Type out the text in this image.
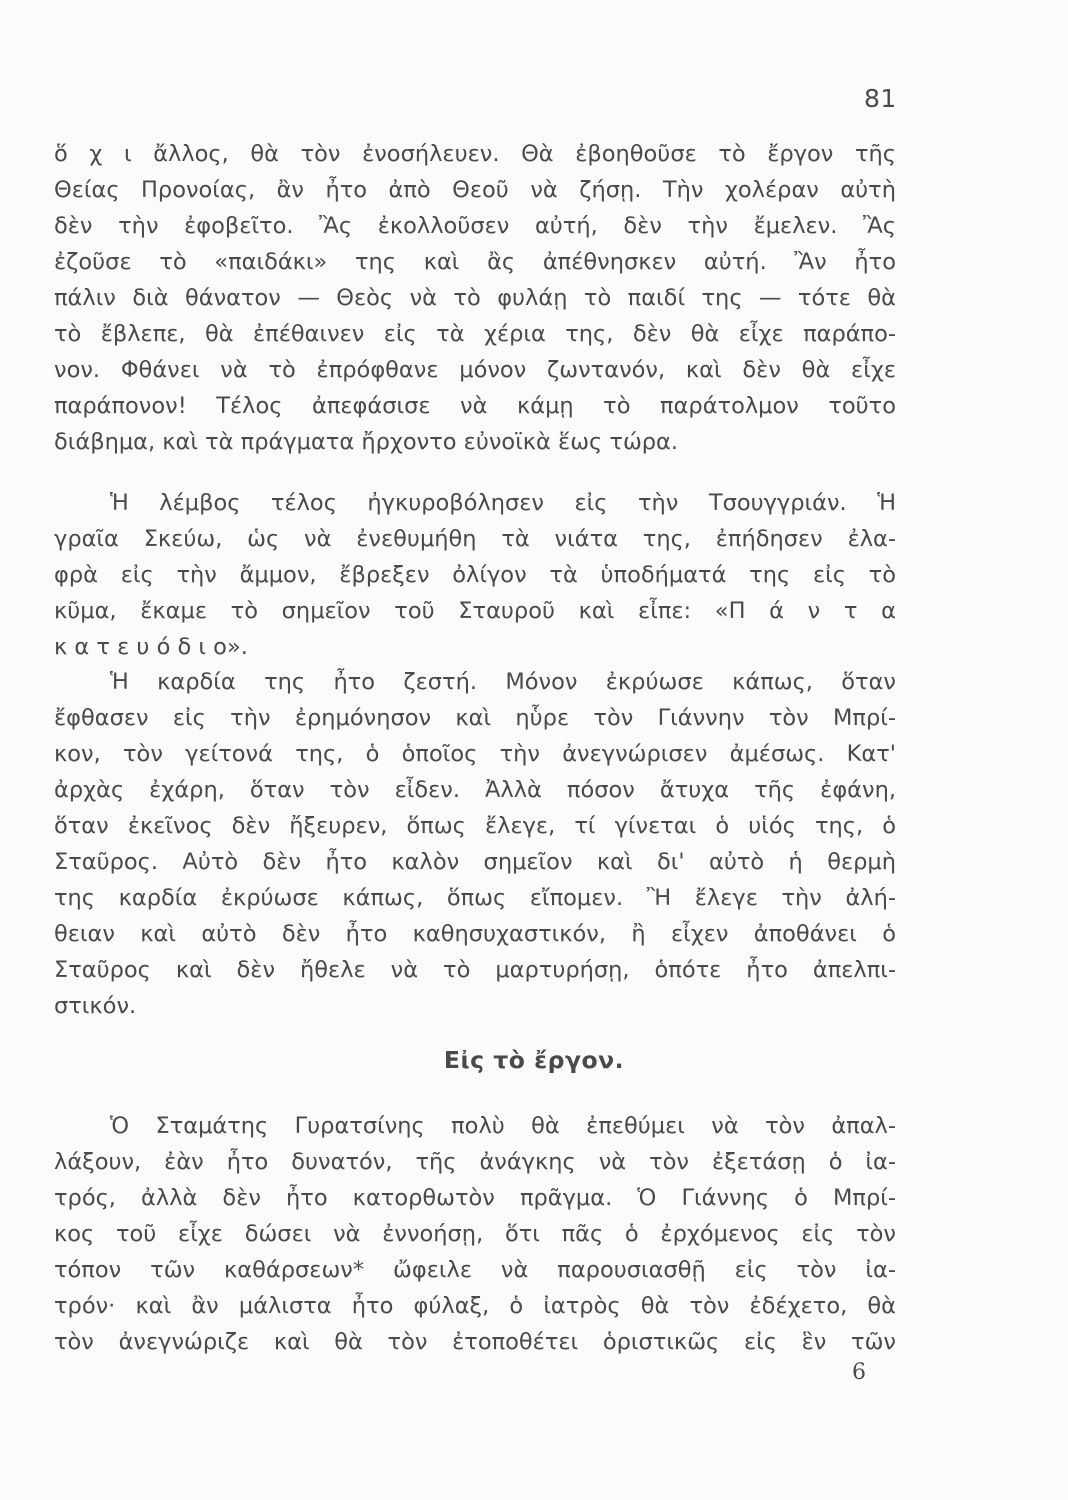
81
ὅ χ ι ἄλλος, θὰ τὸν ἐνοσήλευεν. Θὰ ἐβοηθοῦσε τὸ ἔργον τῆς
Θείας Προνοίας, ἂν ἦτο ἀπὸ Θεοῦ νὰ ζήσῃ. Τὴν χολέραν αὐτὴ
δὲν τὴν ἐφοβεῖτο. Ἂς ἐκολλοῦσεν αὐτή, δὲν τὴν ἔμελεν. Ἂς
ἐζοῦσε τὸ «παιδάκι» της καὶ ἂς ἀπέθνησκεν αὐτή. Ἂν ἦτο
πάλιν διὰ θάνατον — Θεὸς νὰ τὸ φυλάῃ τὸ παιδί της — τότε θὰ
τὸ ἔβλεπε, θὰ ἐπέθαινεν εἰς τὰ χέρια της, δὲν θὰ εἶχε παράπο-
νον. Φθάνει νὰ τὸ ἐπρόφθανε μόνον ζωντανόν, καὶ δὲν θὰ εἶχε
παράπονον! Τέλος ἀπεφάσισε νὰ κάμῃ τὸ παράτολμον τοῦτο
διάβημα, καὶ τὰ πράγματα ἤρχοντο εὐνοϊκὰ ἕως τώρα.
Ἡ λέμβος τέλος ἠγκυροβόλησεν εἰς τὴν Τσουγγριάν. Ἡ
γραῖα Σκεύω, ὡς νὰ ἐνεθυμήθη τὰ νιάτα της, ἐπήδησεν ἐλα-
φρὰ εἰς τὴν ἄμμον, ἔβρεξεν ὀλίγον τὰ ὑποδήματά της εἰς τὸ
κῦμα, ἔκαμε τὸ σημεῖον τοῦ Σταυροῦ καὶ εἶπε: «Π ά ν τ α
κ α τ ε υ ό δ ι ο».
Ἡ καρδία της ἦτο ζεστή. Μόνον ἐκρύωσε κάπως, ὅταν
ἔφθασεν εἰς τὴν ἐρημόνησον καὶ ηὗρε τὸν Γιάννην τὸν Μπρί-
κον, τὸν γείτονά της, ὁ ὁποῖος τὴν ἀνεγνώρισεν ἀμέσως. Κατ'
ἀρχὰς ἐχάρη, ὅταν τὸν εἶδεν. Ἀλλὰ πόσον ἄτυχα τῆς ἐφάνη,
ὅταν ἐκεῖνος δὲν ἤξευρεν, ὅπως ἔλεγε, τί γίνεται ὁ υἱός της, ὁ
Σταῦρος. Αὐτὸ δὲν ἦτο καλὸν σημεῖον καὶ δι' αὐτὸ ἡ θερμὴ
της καρδία ἐκρύωσε κάπως, ὅπως εἴπομεν. Ἢ ἔλεγε τὴν ἀλή-
θειαν καὶ αὐτὸ δὲν ἦτο καθησυχαστικόν, ἢ εἶχεν ἀποθάνει ὁ
Σταῦρος καὶ δὲν ἤθελε νὰ τὸ μαρτυρήσῃ, ὁπότε ἦτο ἀπελπι-
στικόν.
Εἰς τὸ ἔργον.
Ὁ Σταμάτης Γυρατσίνης πολὺ θὰ ἐπεθύμει νὰ τὸν ἀπαλ-
λάξουν, ἐὰν ἦτο δυνατόν, τῆς ἀνάγκης νὰ τὸν ἐξετάσῃ ὁ ἰα-
τρός, ἀλλὰ δὲν ἦτο κατορθωτὸν πρᾶγμα. Ὁ Γιάννης ὁ Μπρί-
κος τοῦ εἶχε δώσει νὰ ἐννοήσῃ, ὅτι πᾶς ὁ ἐρχόμενος εἰς τὸν
τόπον τῶν καθάρσεων* ὤφειλε νὰ παρουσιασθῇ εἰς τὸν ἰα-
τρόν· καὶ ἂν μάλιστα ἦτο φύλαξ, ὁ ἰατρὸς θὰ τὸν ἐδέχετο, θὰ
τὸν ἀνεγνώριζε καὶ θὰ τὸν ἐτοποθέτει ὁριστικῶς εἰς ἓν τῶν
6
